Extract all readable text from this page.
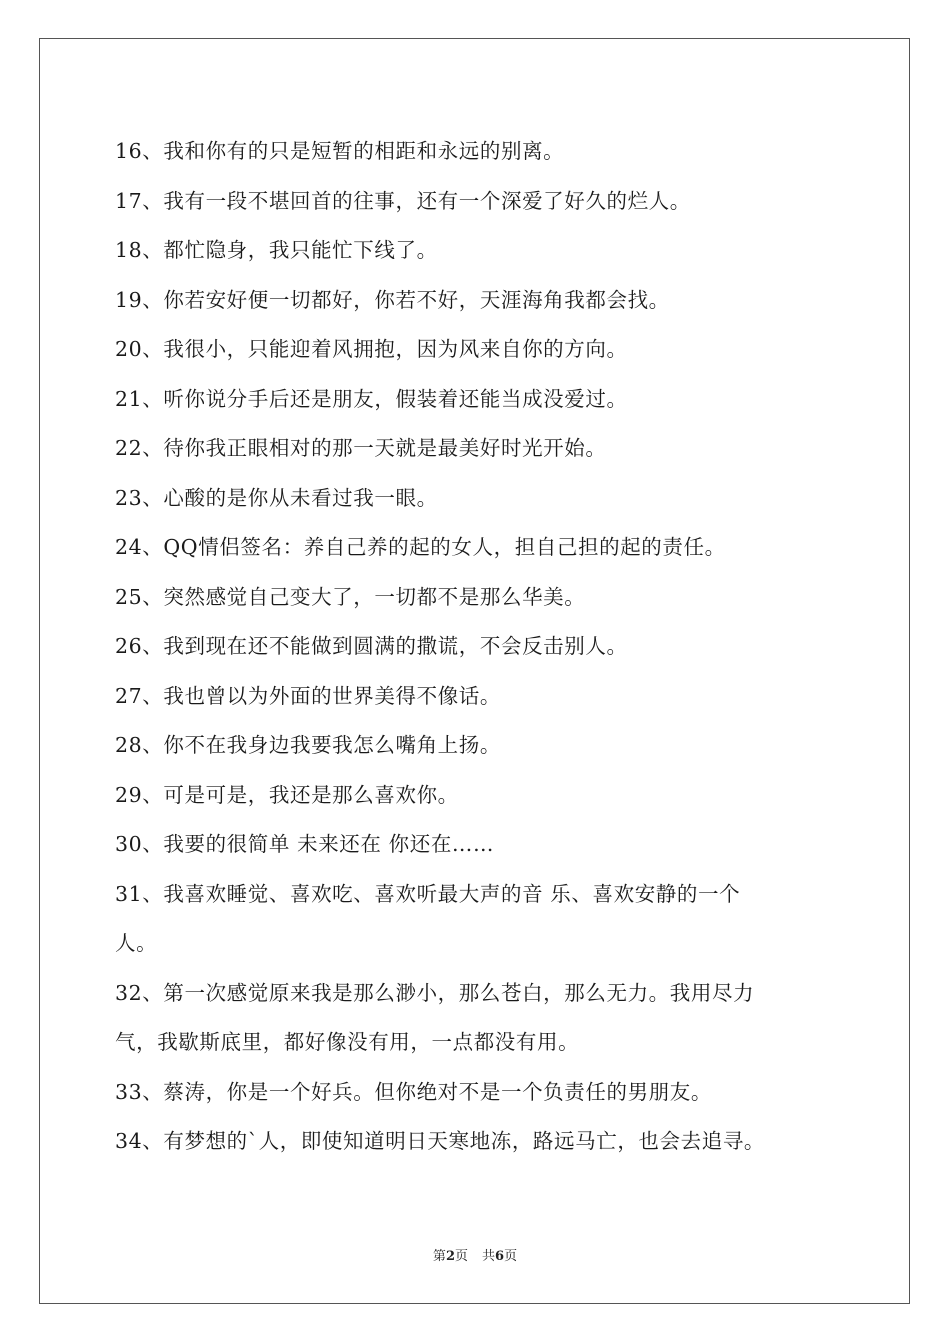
16、我和你有的只是短暂的相距和永远的别离。
17、我有一段不堪回首的往事，还有一个深爱了好久的烂人。
18、都忙隐身，我只能忙下线了。
19、你若安好便一切都好，你若不好，天涯海角我都会找。
20、我很小，只能迎着风拥抱，因为风来自你的方向。
21、听你说分手后还是朋友，假装着还能当成没爱过。
22、待你我正眼相对的那一天就是最美好时光开始。
23、心酸的是你从未看过我一眼。
24、QQ情侣签名：养自己养的起的女人，担自己担的起的责任。
25、突然感觉自己变大了，一切都不是那么华美。
26、我到现在还不能做到圆满的撒谎，不会反击别人。
27、我也曾以为外面的世界美得不像话。
28、你不在我身边我要我怎么嘴角上扬。
29、可是可是，我还是那么喜欢你。
30、我要的很简单 未来还在 你还在……
31、我喜欢睡觉、喜欢吃、喜欢听最大声的音 乐、喜欢安静的一个
人。
32、第一次感觉原来我是那么渺小，那么苍白，那么无力。我用尽力
气，我歇斯底里，都好像没有用，一点都没有用。
33、蔡涛，你是一个好兵。但你绝对不是一个负责任的男朋友。
34、有梦想的`人，即使知道明日天寒地冻，路远马亡，也会去追寻。
第2页 共6页
